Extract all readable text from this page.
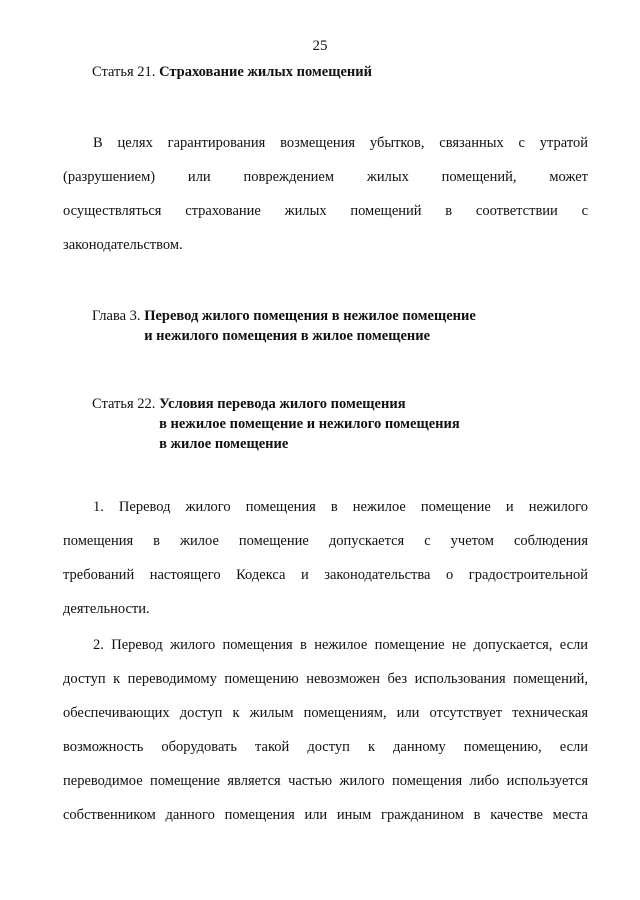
25
Статья 21. Страхование жилых помещений
В целях гарантирования возмещения убытков, связанных с утратой
(разрушением) или повреждением жилых помещений, может
осуществляться страхование жилых помещений в соответствии с
законодательством.
Глава 3. Перевод жилого помещения в нежилое помещение
и нежилого помещения в жилое помещение
Статья 22. Условия перевода жилого помещения
в нежилое помещение и нежилого помещения
в жилое помещение
1. Перевод жилого помещения в нежилое помещение и нежилого
помещения в жилое помещение допускается с учетом соблюдения
требований настоящего Кодекса и законодательства о градостроительной
деятельности.
2. Перевод жилого помещения в нежилое помещение не допускается, если
доступ к переводимому помещению невозможен без использования помещений,
обеспечивающих доступ к жилым помещениям, или отсутствует техническая
возможность оборудовать такой доступ к данному помещению, если
переводимое помещение является частью жилого помещения либо используется
собственником данного помещения или иным гражданином в качестве места
